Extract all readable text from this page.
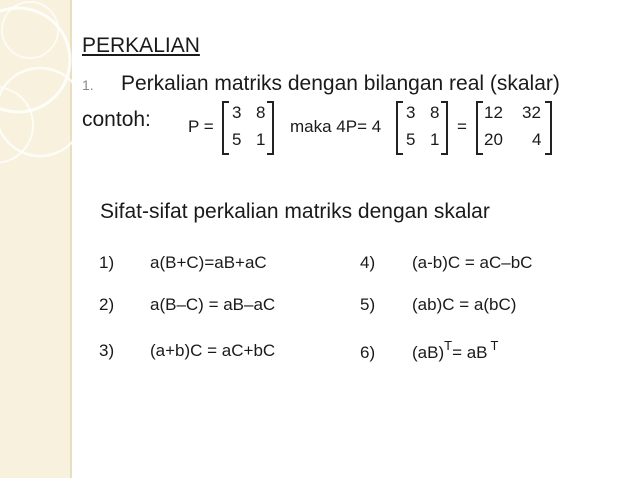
PERKALIAN
1. Perkalian matriks dengan bilangan real (skalar)
contoh: P =
3 8
5 1
maka 4P= 4
3 8
5 1
=
12 32
20 4
Sifat-sifat perkalian matriks dengan skalar
1) a(B+C)=aB+aC
2) a(B–C) = aB–aC
3) (a+b)C = aC+bC
4) (a-b)C = aC–bC
5) (ab)C = a(bC)
6) (aB)$^T$= aB $^T$
